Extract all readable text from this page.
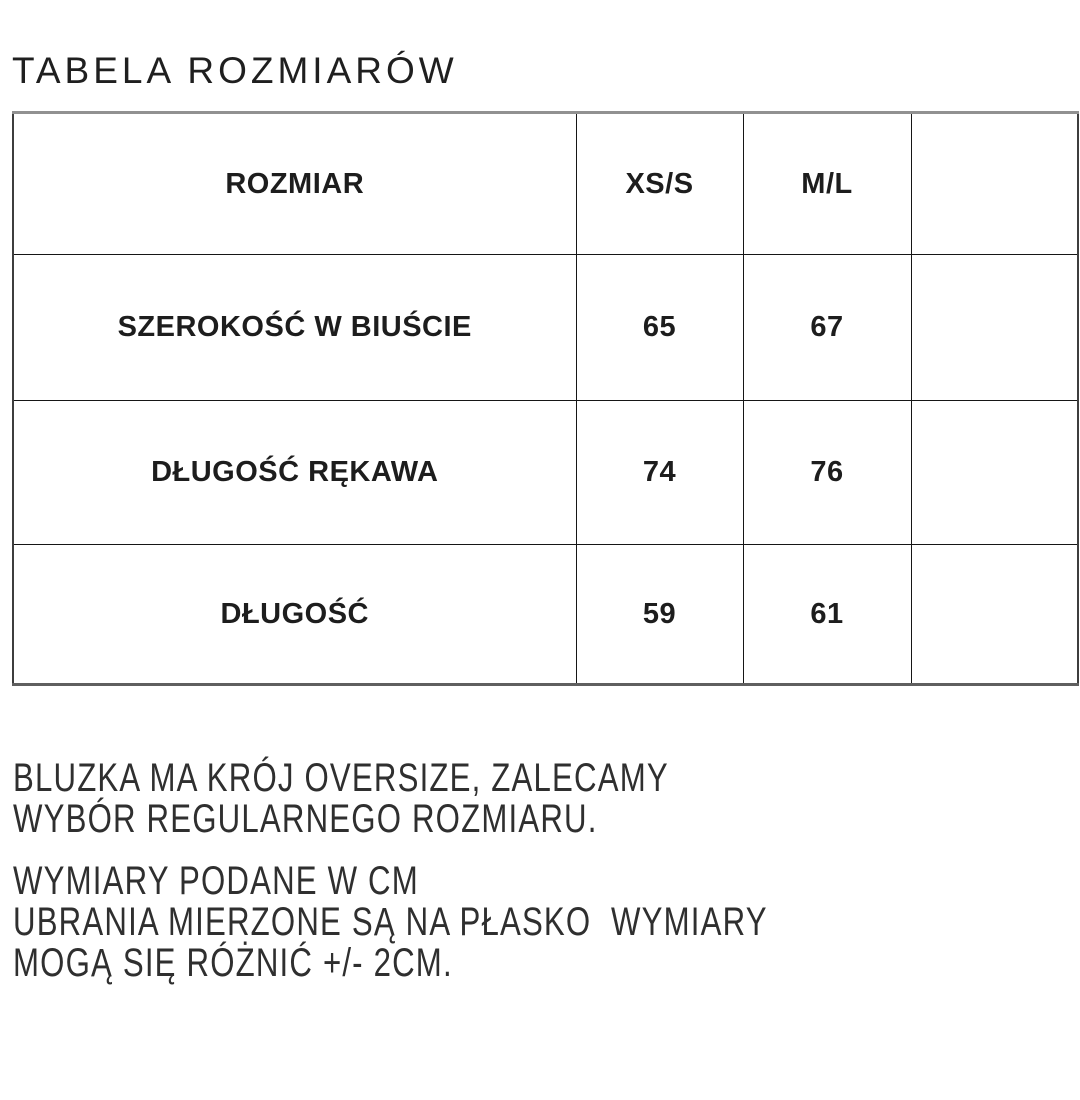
TABELA ROZMIARÓW
ROZMIAR	XS/S	M/L	
SZEROKOŚĆ W BIUŚCIE	65	67	
DŁUGOŚĆ RĘKAWA	74	76	
DŁUGOŚĆ	59	61	

BLUZKA MA KRÓJ OVERSIZE, ZALECAMY
WYBÓR REGULARNEGO ROZMIARU.

WYMIARY PODANE W CM
UBRANIA MIERZONE SĄ NA PŁASKO  WYMIARY
MOGĄ SIĘ RÓŻNIĆ +/- 2CM.
